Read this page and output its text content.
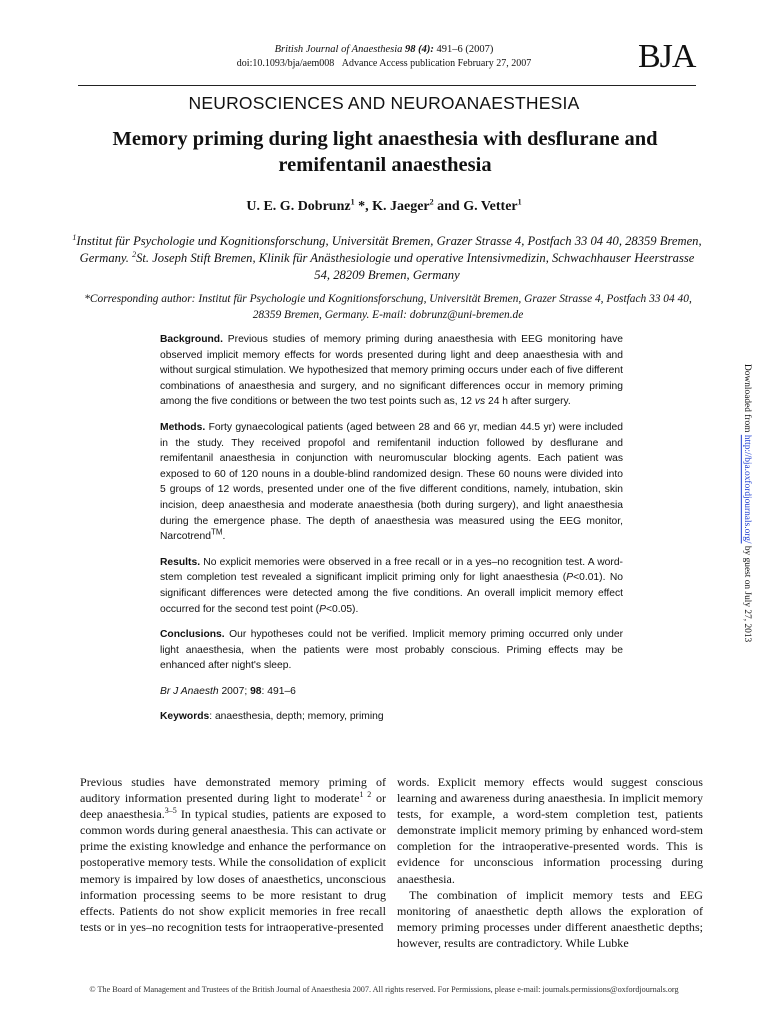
British Journal of Anaesthesia 98 (4): 491–6 (2007)
doi:10.1093/bja/aem008 Advance Access publication February 27, 2007	BJA
NEUROSCIENCES AND NEUROANAESTHESIA
Memory priming during light anaesthesia with desflurane and remifentanil anaesthesia
U. E. G. Dobrunz$^1$ *, K. Jaeger$^2$ and G. Vetter$^1$
$^1$Institut für Psychologie und Kognitionsforschung, Universität Bremen, Grazer Strasse 4, Postfach 33 04 40, 28359 Bremen, Germany. $^2$St. Joseph Stift Bremen, Klinik für Anästhesiologie und operative Intensivmedizin, Schwachhauser Heerstrasse 54, 28209 Bremen, Germany
*Corresponding author: Institut für Psychologie und Kognitionsforschung, Universität Bremen, Grazer Strasse 4, Postfach 33 04 40, 28359 Bremen, Germany. E-mail: dobrunz@uni-bremen.de

Background. Previous studies of memory priming during anaesthesia with EEG monitoring have observed implicit memory effects for words presented during light and deep anaesthesia with and without surgical stimulation. We hypothesized that memory priming occurs under each of five different combinations of anaesthesia and surgery, and no significant differences occur in memory priming among the five conditions or between the two test points such as, 12 vs 24 h after surgery.

Methods. Forty gynaecological patients (aged between 28 and 66 yr, median 44.5 yr) were included in the study. They received propofol and remifentanil induction followed by desflurane and remifentanil anaesthesia in conjunction with neuromuscular blocking agents. Each patient was exposed to 60 of 120 nouns in a double-blind randomized design. These 60 nouns were divided into 5 groups of 12 words, presented under one of the five different conditions, namely, intubation, skin incision, deep anaesthesia and moderate anaesthesia (both during surgery), and light anaesthesia during the emergence phase. The depth of anaesthesia was measured using the EEG monitor, Narcotrend™.

Results. No explicit memories were observed in a free recall or in a yes–no recognition test. A word-stem completion test revealed a significant implicit priming only for light anaesthesia (P<0.01). No significant differences were detected among the five conditions. An overall implicit memory effect occurred for the second test point (P<0.05).

Conclusions. Our hypotheses could not be verified. Implicit memory priming occurred only under light anaesthesia, when the patients were most probably conscious. Priming effects may be enhanced after night's sleep.

Br J Anaesth 2007; 98: 491–6

Keywords: anaesthesia, depth; memory, priming

Downloaded from http://bja.oxfordjournals.org/ by guest on July 27, 2013

Previous studies have demonstrated memory priming of auditory information presented during light to moderate$^{1 2}$ or deep anaesthesia.$^{3-5}$ In typical studies, patients are exposed to common words during general anaesthesia. This can activate or prime the existing knowledge and enhance the performance on postoperative memory tests. While the consolidation of explicit memory is impaired by low doses of anaesthetics, unconscious information processing seems to be more resistant to drug effects. Patients do not show explicit memories in free recall tests or in yes–no recognition tests for intraoperative-presented

words. Explicit memory effects would suggest conscious learning and awareness during anaesthesia. In implicit memory tests, for example, a word-stem completion test, patients demonstrate implicit memory priming by enhanced word-stem completion for the intraoperative-presented words. This is evidence for unconscious information processing during anaesthesia.

The combination of implicit memory tests and EEG monitoring of anaesthetic depth allows the exploration of memory priming processes under different anaesthetic depths; however, results are contradictory. While Lubke

© The Board of Management and Trustees of the British Journal of Anaesthesia 2007. All rights reserved. For Permissions, please e-mail: journals.permissions@oxfordjournals.org
